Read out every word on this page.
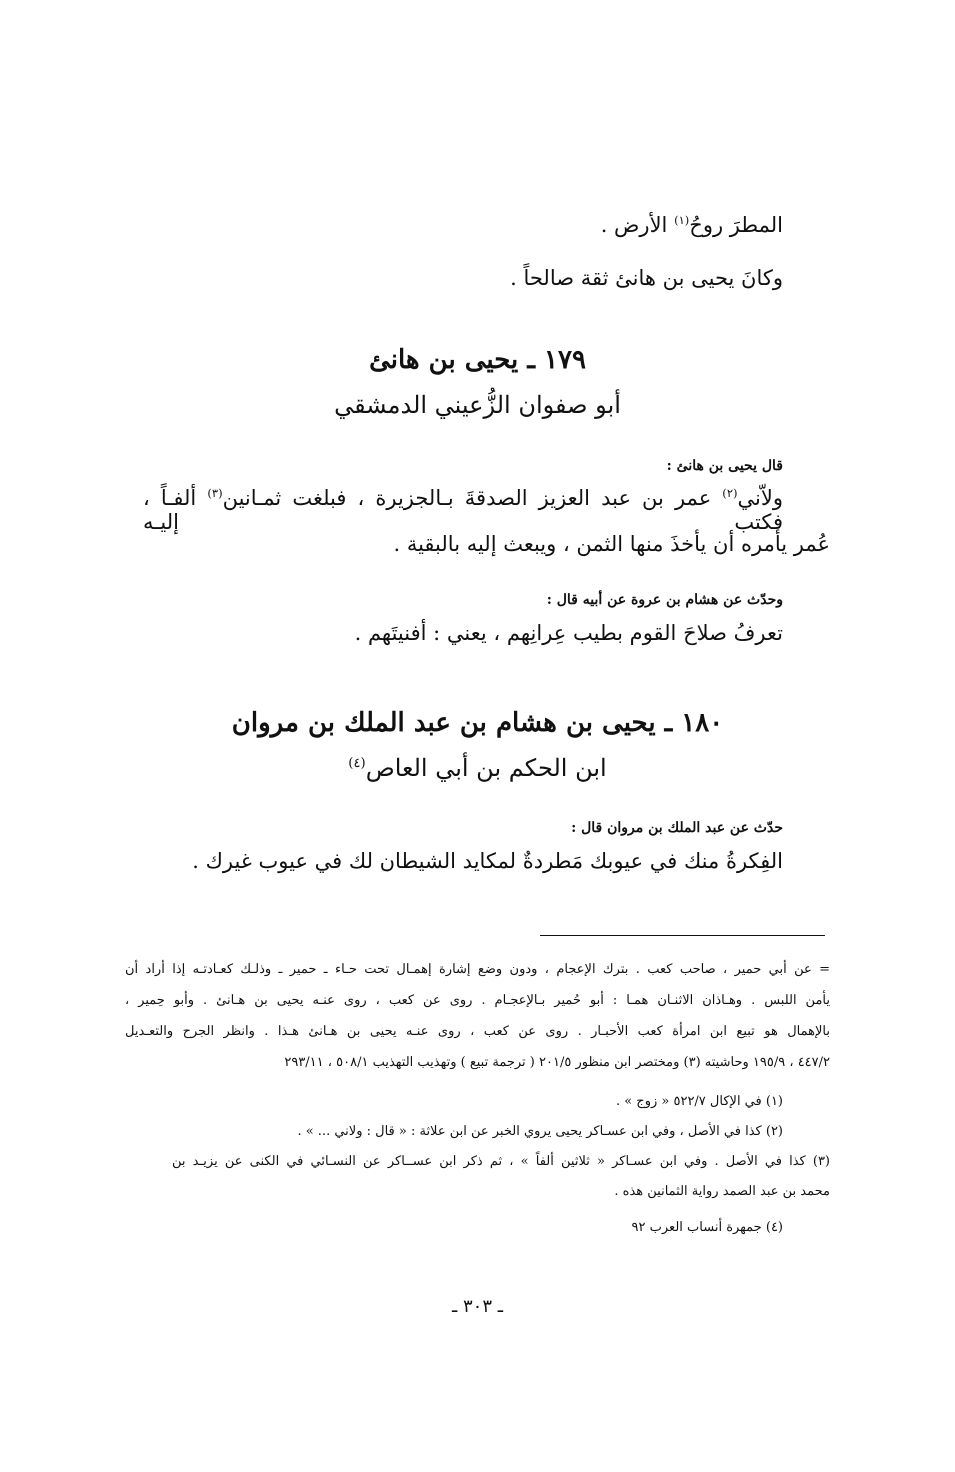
المطرَ روحُ$^{(١)}$ الأرض .
وكانَ يحيى بن هانئ ثقة صالحاً .
١٧٩ ـ يحيى بن هانئ
أبو صفوان الزُّعيني الدمشقي
قال يحيى بن هانئ :
ولاّني$^{(٢)}$ عمر بن عبد العزيز الصدقةَ بـالجزيرة ، فبلغت ثمـانين$^{(٣)}$ ألفـاً ، فكتب إليـه
عُمر يأمره أن يأخذَ منها الثمن ، ويبعث إليه بالبقية .
وحدّث عن هشام بن عروة عن أبيه قال :
تعرفُ صلاحَ القوم بطيب عِرانِهم ، يعني : أفنيتَهم .
١٨٠ ـ يحيى بن هشام بن عبد الملك بن مروان
ابن الحكم بن أبي العاص$^{(٤)}$
حدّث عن عبد الملك بن مروان قال :
الفِكرةُ منك في عيوبك مَطردةٌ لمكايد الشيطان لك في عيوب غيرك .
= عن أبي حمير ، صاحب كعب . بترك الإعجام ، ودون وضع إشارة إهمـال تحت حـاء ـ حمير ـ وذلـك كعـادتـه إذا أراد أن
يأمن اللبس . وهـاذان الاثنـان همـا : أبو حُمير بـالإعجـام . روى عن كعب ، روى عنـه يحيى بن هـانئ . وأبو حِمير ،
بالإهمال هو تبيع ابن امرأة كعب الأحبـار . روى عن كعب ، روى عنـه يحيى بن هـانئ هـذا . وانظر الجرح والتعـديل
٤٤٧/٢ ، ١٩٥/٩ وحاشيته (٣) ومختصر ابن منظور ٢٠١/٥ ( ترجمة تبيع ) وتهذيب التهذيب ٥٠٨/١ ، ٢٩٣/١١
(١) في الإكال ٥٢٢/٧ « زوج » .
(٢) كذا في الأصل ، وفي ابن عسـاكر يحيى يروي الخبر عن ابن علاثة : « قال : ولاني ... » .
(٣) كذا في الأصل . وفي ابن عسـاكر « ثلاثين ألفاً » ، ثم ذكر ابن عســاكر عن النسـائي في الكنى عن يزيـد بن
محمد بن عبد الصمد رواية الثمانين هذه .
(٤) جمهرة أنساب العرب ٩٢
ـ ٣٠٣ ـ
